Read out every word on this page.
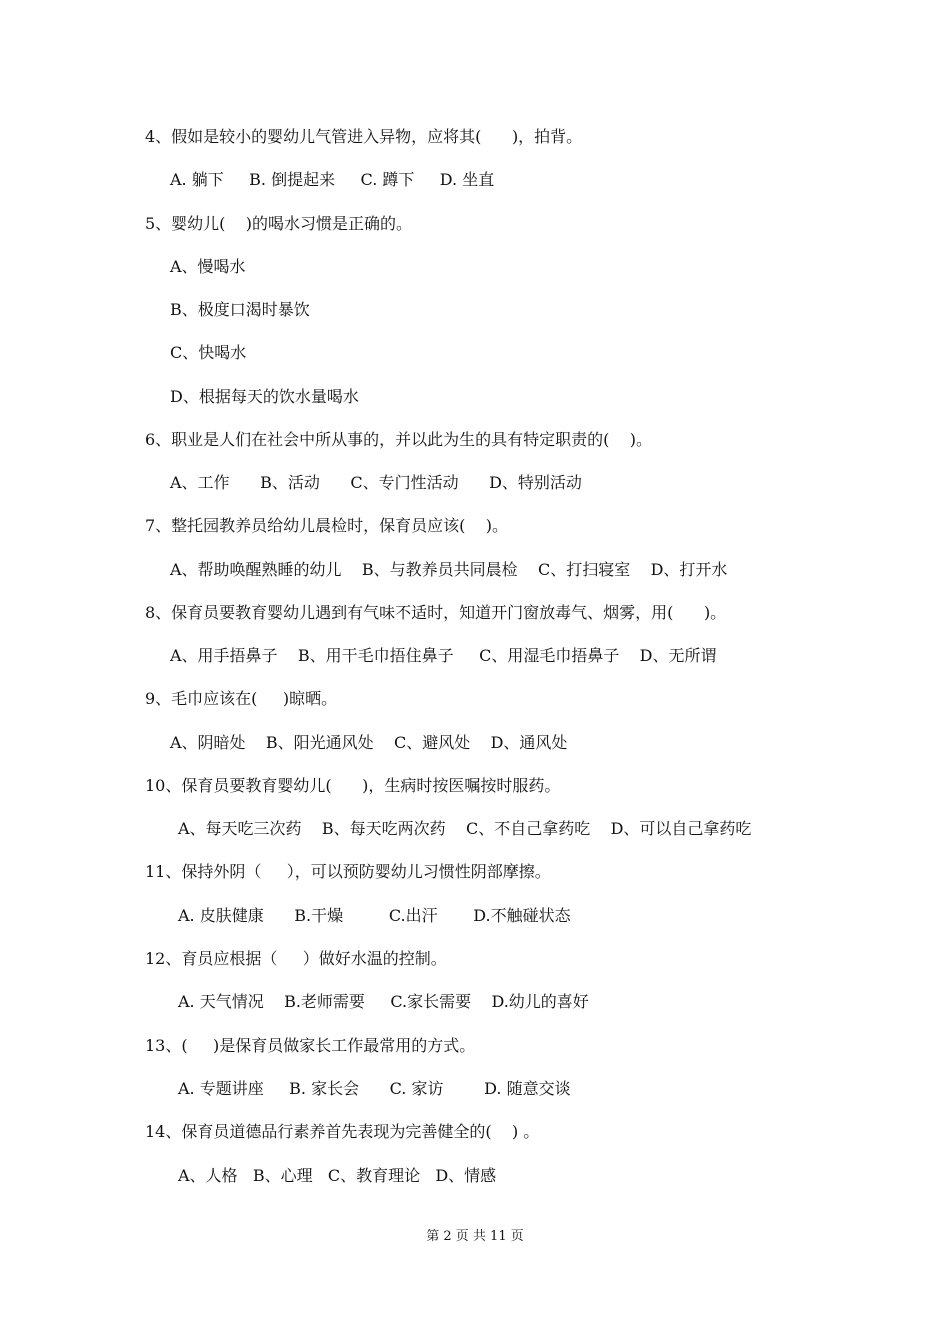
4、假如是较小的婴幼儿气管进入异物，应将其(      )，拍背。
A. 躺下     B. 倒提起来     C. 蹲下     D. 坐直
5、婴幼儿(    )的喝水习惯是正确的。
A、慢喝水
B、极度口渴时暴饮
C、快喝水
D、根据每天的饮水量喝水
6、职业是人们在社会中所从事的，并以此为生的具有特定职责的(    )。
A、工作      B、活动      C、专门性活动      D、特别活动
7、整托园教养员给幼儿晨检时，保育员应该(    )。
A、帮助唤醒熟睡的幼儿    B、与教养员共同晨检    C、打扫寝室    D、打开水
8、保育员要教育婴幼儿遇到有气味不适时，知道开门窗放毒气、烟雾，用(      )。
A、用手捂鼻子    B、用干毛巾捂住鼻子     C、用湿毛巾捂鼻子    D、无所谓
9、毛巾应该在(     )晾晒。
A、阴暗处    B、阳光通风处    C、避风处    D、通风处
10、保育员要教育婴幼儿(      )，生病时按医嘱按时服药。
A、每天吃三次药    B、每天吃两次药    C、不自己拿药吃    D、可以自己拿药吃
11、保持外阴（     ），可以预防婴幼儿习惯性阴部摩擦。
A. 皮肤健康      B.干燥         C.出汗       D.不触碰状态
12、育员应根据（     ）做好水温的控制。
A. 天气情况    B.老师需要     C.家长需要    D.幼儿的喜好
13、(     )是保育员做家长工作最常用的方式。
A. 专题讲座     B. 家长会      C. 家访        D. 随意交谈
14、保育员道德品行素养首先表现为完善健全的(    ) 。
A、人格   B、心理   C、教育理论   D、情感
第 2 页 共 11 页
